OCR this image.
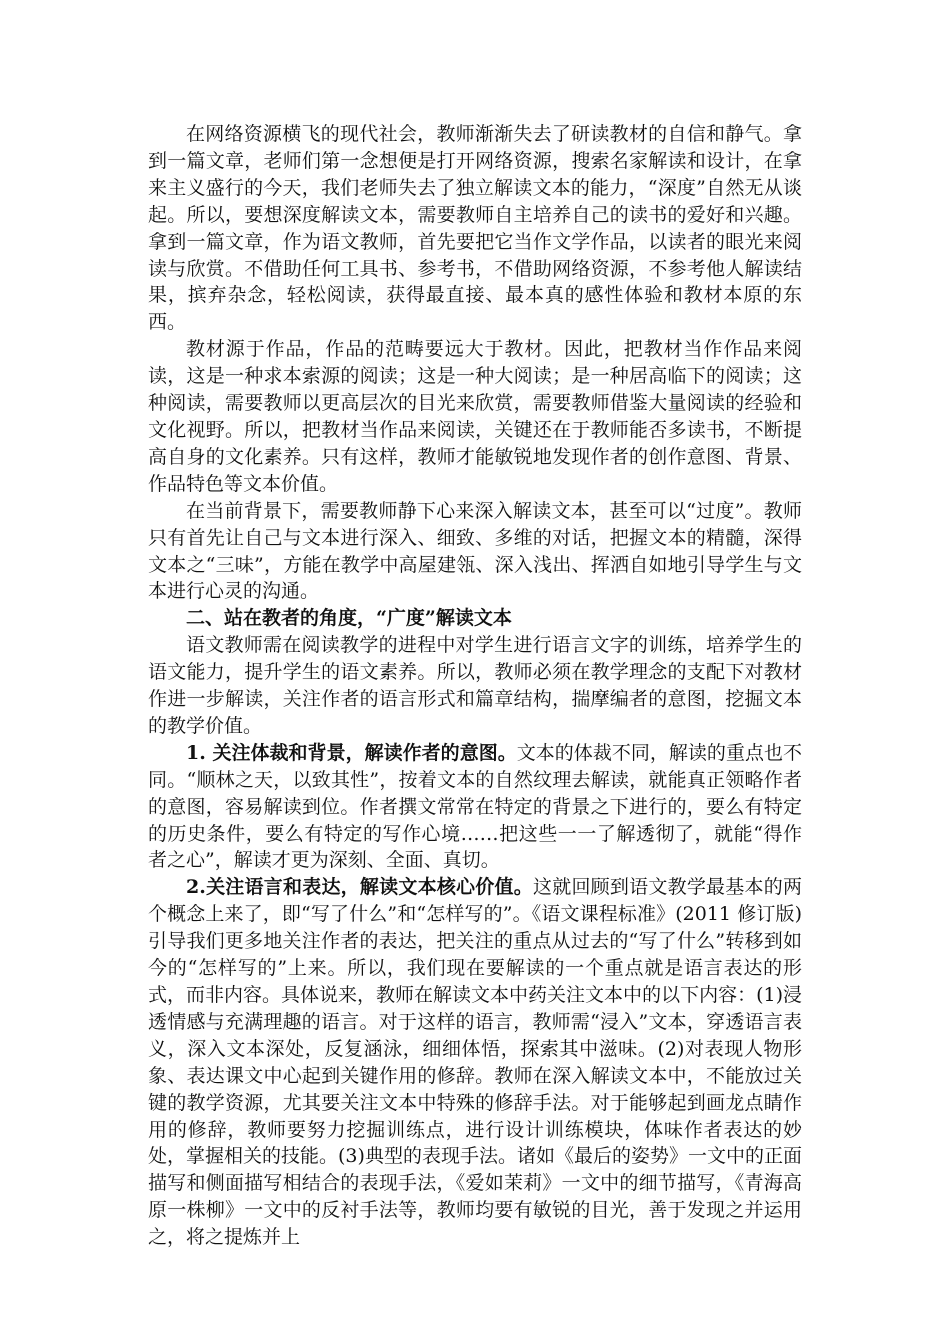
在网络资源横飞的现代社会，教师渐渐失去了研读教材的自信和静气。拿到一篇文章，老师们第一念想便是打开网络资源，搜索名家解读和设计，在拿来主义盛行的今天，我们老师失去了独立解读文本的能力，“深度”自然无从谈起。所以，要想深度解读文本，需要教师自主培养自己的读书的爱好和兴趣。拿到一篇文章，作为语文教师，首先要把它当作文学作品，以读者的眼光来阅读与欣赏。不借助任何工具书、参考书，不借助网络资源，不参考他人解读结果，摈弃杂念，轻松阅读，获得最直接、最本真的感性体验和教材本原的东西。

教材源于作品，作品的范畴要远大于教材。因此，把教材当作作品来阅读，这是一种求本索源的阅读；这是一种大阅读；是一种居高临下的阅读；这种阅读，需要教师以更高层次的目光来欣赏，需要教师借鉴大量阅读的经验和文化视野。所以，把教材当作品来阅读，关键还在于教师能否多读书，不断提高自身的文化素养。只有这样，教师才能敏锐地发现作者的创作意图、背景、作品特色等文本价值。

在当前背景下，需要教师静下心来深入解读文本，甚至可以“过度”。教师只有首先让自己与文本进行深入、细致、多维的对话，把握文本的精髓，深得文本之“三味”，方能在教学中高屋建瓴、深入浅出、挥洒自如地引导学生与文本进行心灵的沟通。

二、站在教者的角度，“广度”解读文本

语文教师需在阅读教学的进程中对学生进行语言文字的训练，培养学生的语文能力，提升学生的语文素养。所以，教师必须在教学理念的支配下对教材作进一步解读，关注作者的语言形式和篇章结构，揣摩编者的意图，挖掘文本的教学价值。

1. 关注体裁和背景，解读作者的意图。文本的体裁不同，解读的重点也不同。“顺林之天，以致其性”，按着文本的自然纹理去解读，就能真正领略作者的意图，容易解读到位。作者撰文常常在特定的背景之下进行的，要么有特定的历史条件，要么有特定的写作心境……把这些一一了解透彻了，就能“得作者之心”，解读才更为深刻、全面、真切。

2.关注语言和表达，解读文本核心价值。这就回顾到语文教学最基本的两个概念上来了，即“写了什么”和“怎样写的”。《语文课程标准》(2011 修订版)引导我们更多地关注作者的表达，把关注的重点从过去的“写了什么”转移到如今的“怎样写的”上来。所以，我们现在要解读的一个重点就是语言表达的形式，而非内容。具体说来，教师在解读文本中药关注文本中的以下内容：(1)浸透情感与充满理趣的语言。对于这样的语言，教师需“浸入”文本，穿透语言表义，深入文本深处，反复涵泳，细细体悟，探索其中滋味。(2)对表现人物形象、表达课文中心起到关键作用的修辞。教师在深入解读文本中，不能放过关键的教学资源，尤其要关注文本中特殊的修辞手法。对于能够起到画龙点睛作用的修辞，教师要努力挖掘训练点，进行设计训练模块，体味作者表达的妙处，掌握相关的技能。(3)典型的表现手法。诸如《最后的姿势》一文中的正面描写和侧面描写相结合的表现手法，《爱如茉莉》一文中的细节描写，《青海高原一株柳》一文中的反衬手法等，教师均要有敏锐的目光，善于发现之并运用之，将之提炼并上
